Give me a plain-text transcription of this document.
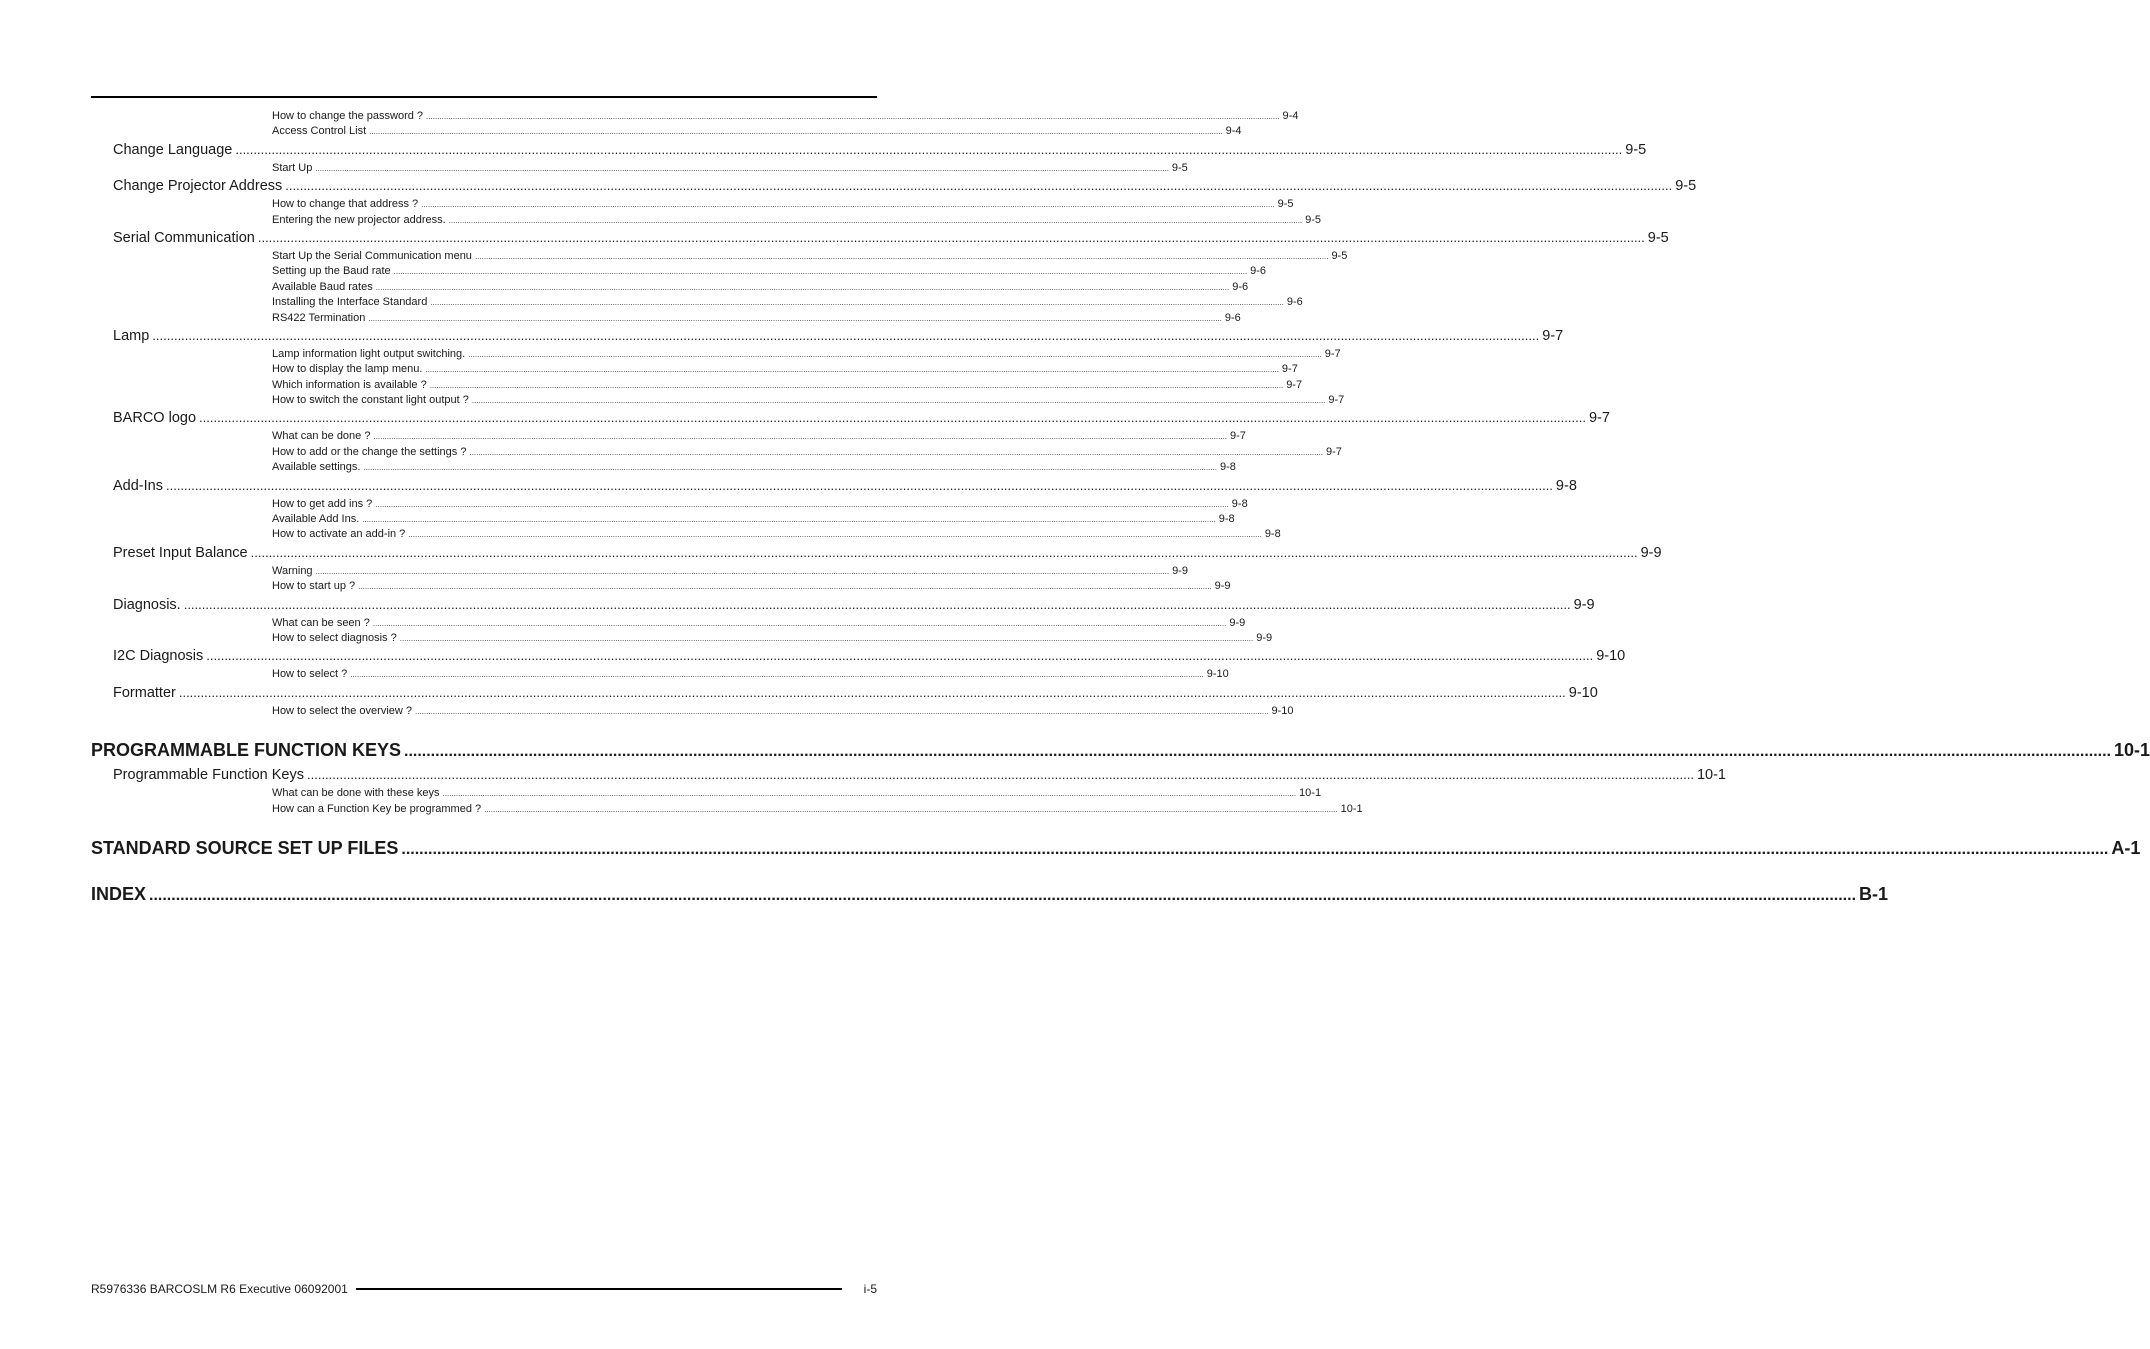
How to change the password ? .....	9-4
Access Control List .....	9-4
Change Language .....	9-5
Start Up .....	9-5
Change Projector Address .....	9-5
How to change that address ? .....	9-5
Entering the new projector address. .....	9-5
Serial Communication .....	9-5
Start Up the Serial Communication menu .....	9-5
Setting up the Baud rate .....	9-6
Available Baud rates .....	9-6
Installing the Interface Standard .....	9-6
RS422 Termination .....	9-6
Lamp .....	9-7
Lamp information light output switching. .....	9-7
How to display the lamp menu. .....	9-7
Which information is available ? .....	9-7
How to switch the constant light output ? .....	9-7
BARCO logo .....	9-7
What can be done ? .....	9-7
How to add or the change the settings ? .....	9-7
Available settings. .....	9-8
Add-Ins .....	9-8
How to get add ins ? .....	9-8
Available Add Ins. .....	9-8
How to activate an add-in ? .....	9-8
Preset Input Balance .....	9-9
Warning .....	9-9
How to start up ? .....	9-9
Diagnosis. .....	9-9
What can be seen ? .....	9-9
How to select diagnosis ? .....	9-9
I2C Diagnosis .....	9-10
How to select ? .....	9-10
Formatter .....	9-10
How to select the overview ? .....	9-10
PROGRAMMABLE FUNCTION KEYS .....	10-1
Programmable Function Keys .....	10-1
What can be done with these keys .....	10-1
How can a Function Key be programmed ? .....	10-1
STANDARD SOURCE SET UP FILES .....	A-1
INDEX .....	B-1
R5976336 BARCOSLM R6 Executive 06092001	i-5
